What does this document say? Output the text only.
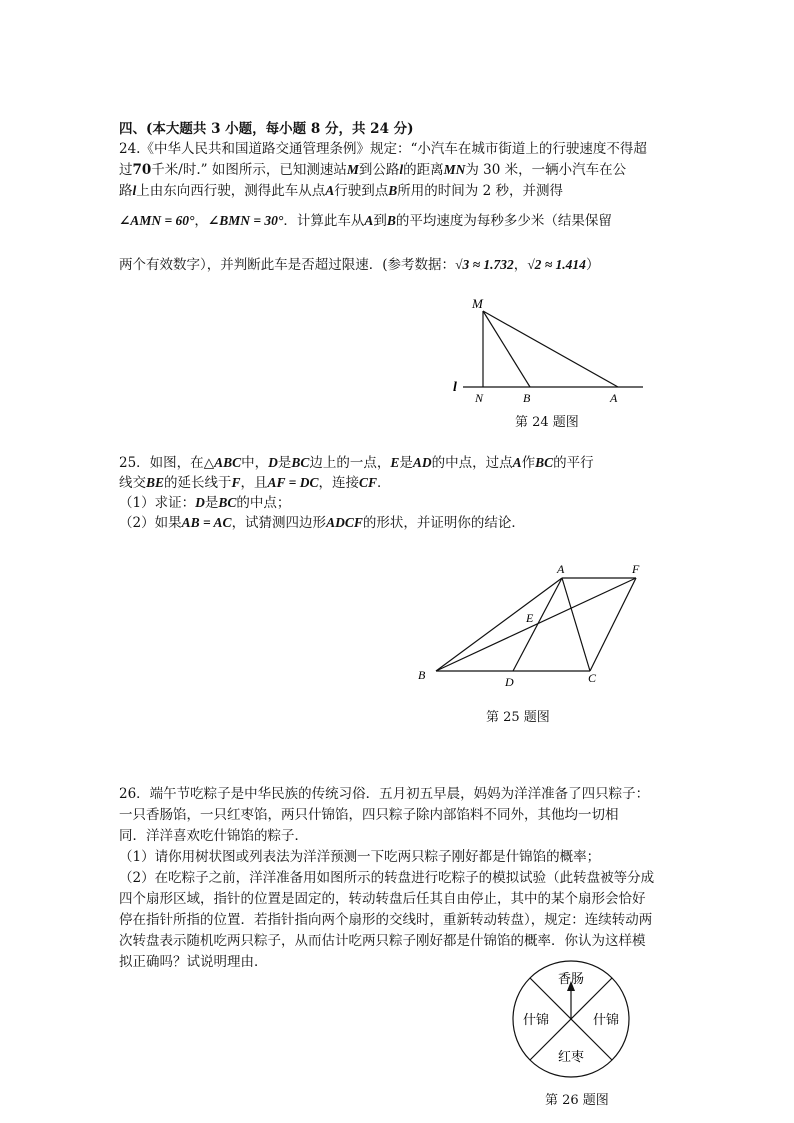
四、(本大题共 3 小题，每小题 8 分，共 24 分)
24.《中华人民共和国道路交通管理条例》规定：“小汽车在城市街道上的行驶速度不得超
过70千米/时.” 如图所示，已知测速站M到公路l的距离MN为 30 米，一辆小汽车在公
路l上由东向西行驶，测得此车从点A行驶到点B所用的时间为 2 秒，并测得
∠AMN = 60°，∠BMN = 30°．计算此车从A到B的平均速度为每秒多少米（结果保留
两个有效数字），并判断此车是否超过限速．(参考数据：√3 ≈ 1.732，√2 ≈ 1.414）
M
l
N	B	A
第 24 题图
25．如图，在△ABC中，D是BC边上的一点，E是AD的中点，过点A作BC的平行
线交BE的延长线于F，且AF = DC，连接CF．
（1）求证：D是BC的中点；
（2）如果AB = AC，试猜测四边形ADCF的形状，并证明你的结论．
A	F
E
B	D	C
第 25 题图
26．端午节吃粽子是中华民族的传统习俗．五月初五早晨，妈妈为洋洋准备了四只粽子：
一只香肠馅，一只红枣馅，两只什锦馅，四只粽子除内部馅料不同外，其他均一切相
同．洋洋喜欢吃什锦馅的粽子．
（1）请你用树状图或列表法为洋洋预测一下吃两只粽子刚好都是什锦馅的概率；
（2）在吃粽子之前，洋洋准备用如图所示的转盘进行吃粽子的模拟试验（此转盘被等分成
四个扇形区域，指针的位置是固定的，转动转盘后任其自由停止，其中的某个扇形会恰好
停在指针所指的位置．若指针指向两个扇形的交线时，重新转动转盘），规定：连续转动两
次转盘表示随机吃两只粽子，从而估计吃两只粽子刚好都是什锦馅的概率．你认为这样模
拟正确吗？试说明理由．
香肠
什锦	什锦
红枣
第 26 题图
